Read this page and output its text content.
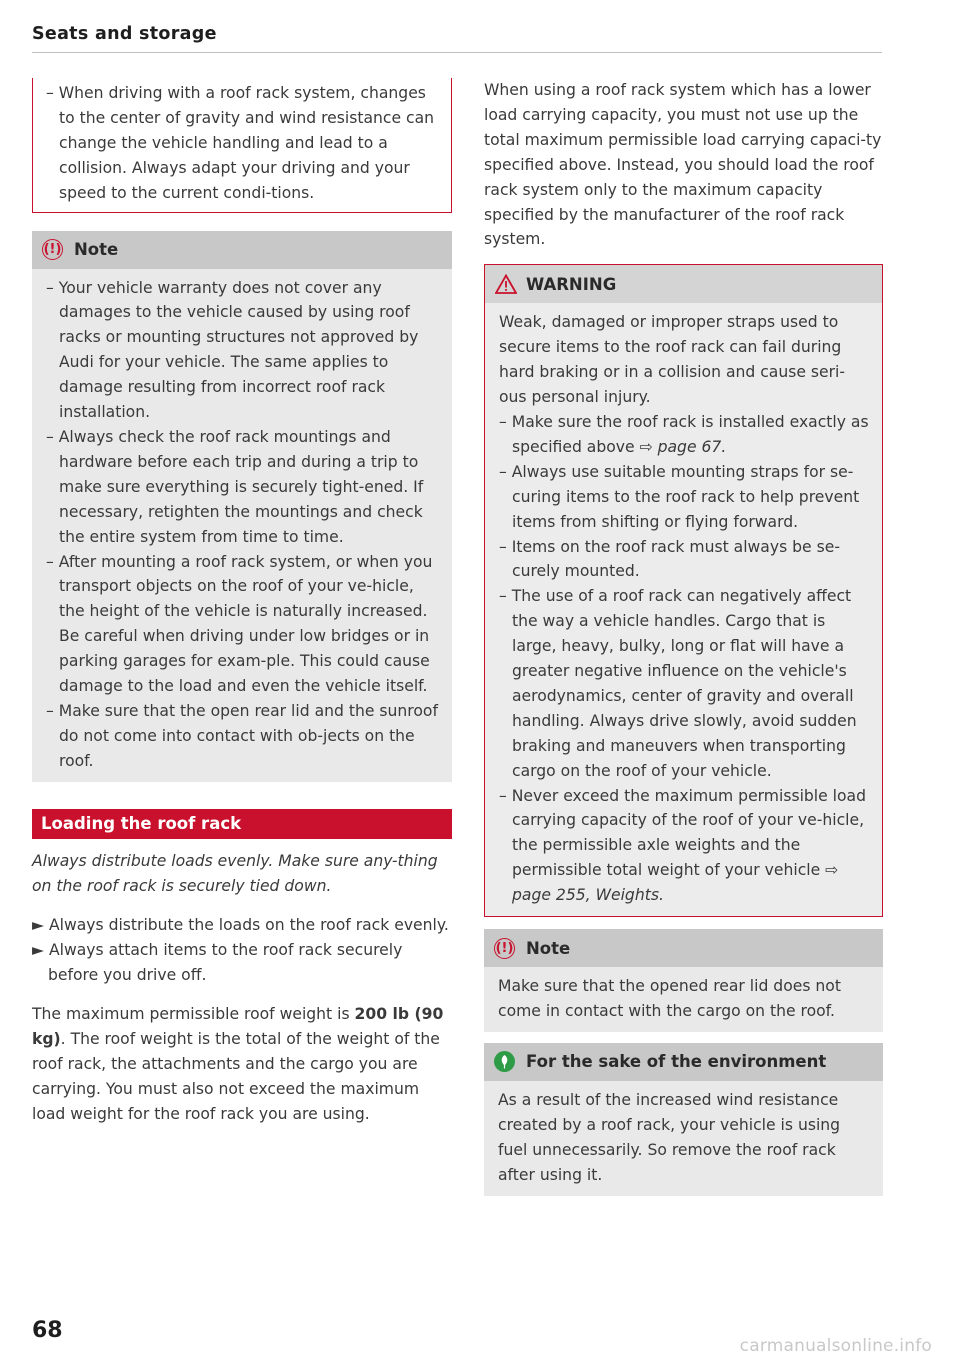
Seats and storage
– When driving with a roof rack system, changes to the center of gravity and wind resistance can change the vehicle handling and lead to a collision. Always adapt your driving and your speed to the current condi-tions.
(!) Note
– Your vehicle warranty does not cover any damages to the vehicle caused by using roof racks or mounting structures not approved by Audi for your vehicle. The same applies to damage resulting from incorrect roof rack installation.
– Always check the roof rack mountings and hardware before each trip and during a trip to make sure everything is securely tight-ened. If necessary, retighten the mountings and check the entire system from time to time.
– After mounting a roof rack system, or when you transport objects on the roof of your ve-hicle, the height of the vehicle is naturally increased. Be careful when driving under low bridges or in parking garages for exam-ple. This could cause damage to the load and even the vehicle itself.
– Make sure that the open rear lid and the sunroof do not come into contact with ob-jects on the roof.
Loading the roof rack

Always distribute loads evenly. Make sure any-thing on the roof rack is securely tied down.

► Always distribute the loads on the roof rack evenly.
► Always attach items to the roof rack securely before you drive off.

The maximum permissible roof weight is 200 lb (90 kg). The roof weight is the total of the weight of the roof rack, the attachments and the cargo you are carrying. You must also not exceed the maximum load weight for the roof rack you are using.

When using a roof rack system which has a lower load carrying capacity, you must not use up the total maximum permissible load carrying capaci-ty specified above. Instead, you should load the roof rack system only to the maximum capacity specified by the manufacturer of the roof rack system.

WARNING

Weak, damaged or improper straps used to secure items to the roof rack can fail during hard braking or in a collision and cause seri-ous personal injury.

– Make sure the roof rack is installed exactly as specified above ⇨ page 67.
– Always use suitable mounting straps for se-curing items to the roof rack to help prevent items from shifting or flying forward.
– Items on the roof rack must always be se-curely mounted.
– The use of a roof rack can negatively affect the way a vehicle handles. Cargo that is large, heavy, bulky, long or flat will have a greater negative influence on the vehicle's aerodynamics, center of gravity and overall handling. Always drive slowly, avoid sudden braking and maneuvers when transporting cargo on the roof of your vehicle.
– Never exceed the maximum permissible load carrying capacity of the roof of your ve-hicle, the permissible axle weights and the permissible total weight of your vehicle ⇨ page 255, Weights.
(!) Note

Make sure that the opened rear lid does not come in contact with the cargo on the roof.

For the sake of the environment

As a result of the increased wind resistance created by a roof rack, your vehicle is using fuel unnecessarily. So remove the roof rack after using it.

68
carmanualsonline.info
